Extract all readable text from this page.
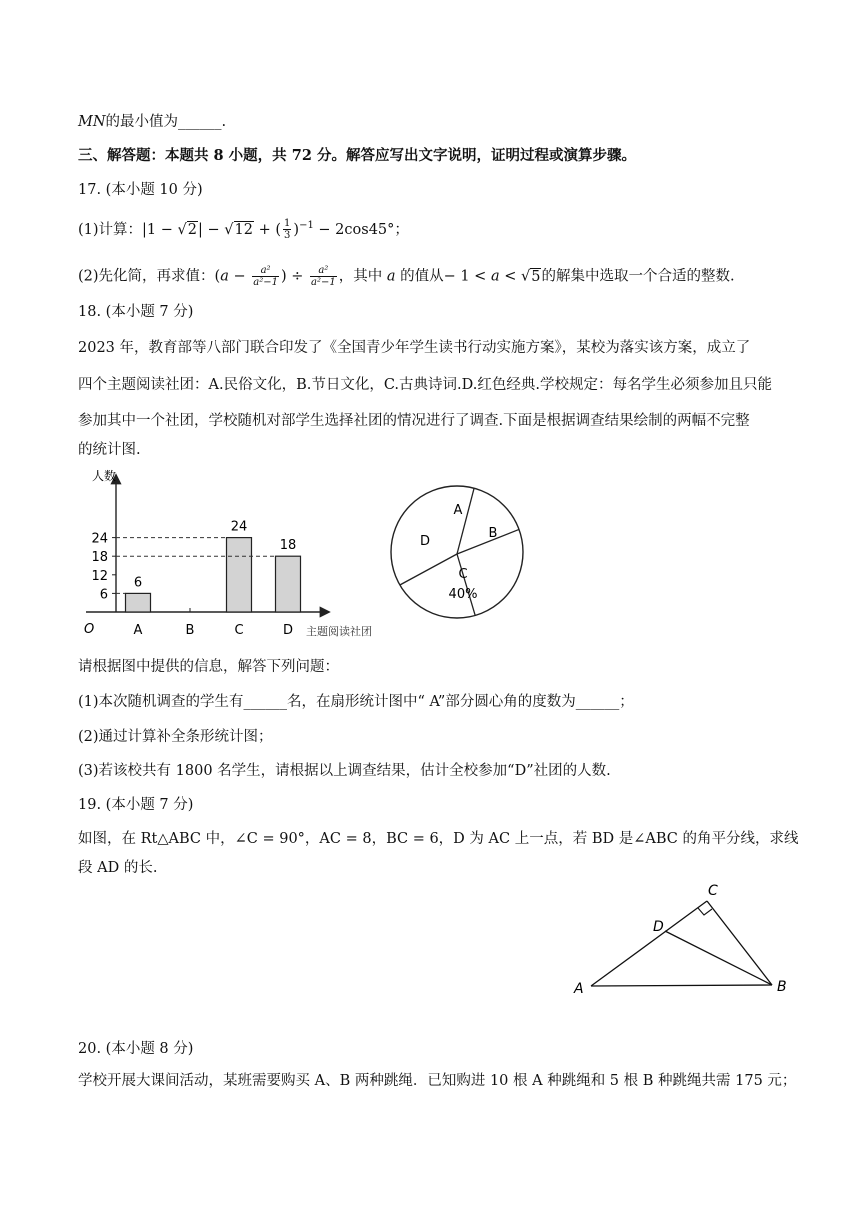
MN的最小值为______.
三、解答题：本题共 8 小题，共 72 分。解答应写出文字说明，证明过程或演算步骤。
17. (本小题 10 分)
(1)计算：|1 − √2| − √12 + ( $\frac{1}{3} )^{-1} - 2\cos 45^\circ$；
(2)先化简，再求值：($a - \frac{\text{a²}}{\text{a²−1}}$ ) ÷ $\frac{\text{a²}}{\text{a²−1}}$ ，其中 a 的值从− 1 < a < √5的解集中选取一个合适的整数.
18. (本小题 7 分)
2023 年，教育部等八部门联合印发了《全国青少年学生读书行动实施方案》，某校为落实该方案，成立了
四个主题阅读社团：A.民俗文化，B.节日文化，C.古典诗词.D.红色经典.学校规定：每名学生必须参加且只能
参加其中一个社团，学校随机对部学生选择社团的情况进行了调查.下面是根据调查结果绘制的两幅不完整
的统计图.
6
12
18
24
A	B	C	D
6
24
18
人数
主题阅读社团
O
A
B
C
40%
D
请根据图中提供的信息，解答下列问题：
(1)本次随机调查的学生有______名，在扇形统计图中“ A”部分圆心角的度数为______；
(2)通过计算补全条形统计图；
(3)若该校共有 1800 名学生，请根据以上调查结果，估计全校参加“D”社团的人数.
19. (本小题 7 分)
如图，在 Rt△ABC 中，∠C = 90°，AC = 8，BC = 6，D 为 AC 上一点，若 BD 是∠ABC 的角平分线，求线
段 AD 的长.
A	B
C
D
20. (本小题 8 分)
学校开展大课间活动，某班需要购买 A、B 两种跳绳．已知购进 10 根 A 种跳绳和 5 根 B 种跳绳共需 175 元；
